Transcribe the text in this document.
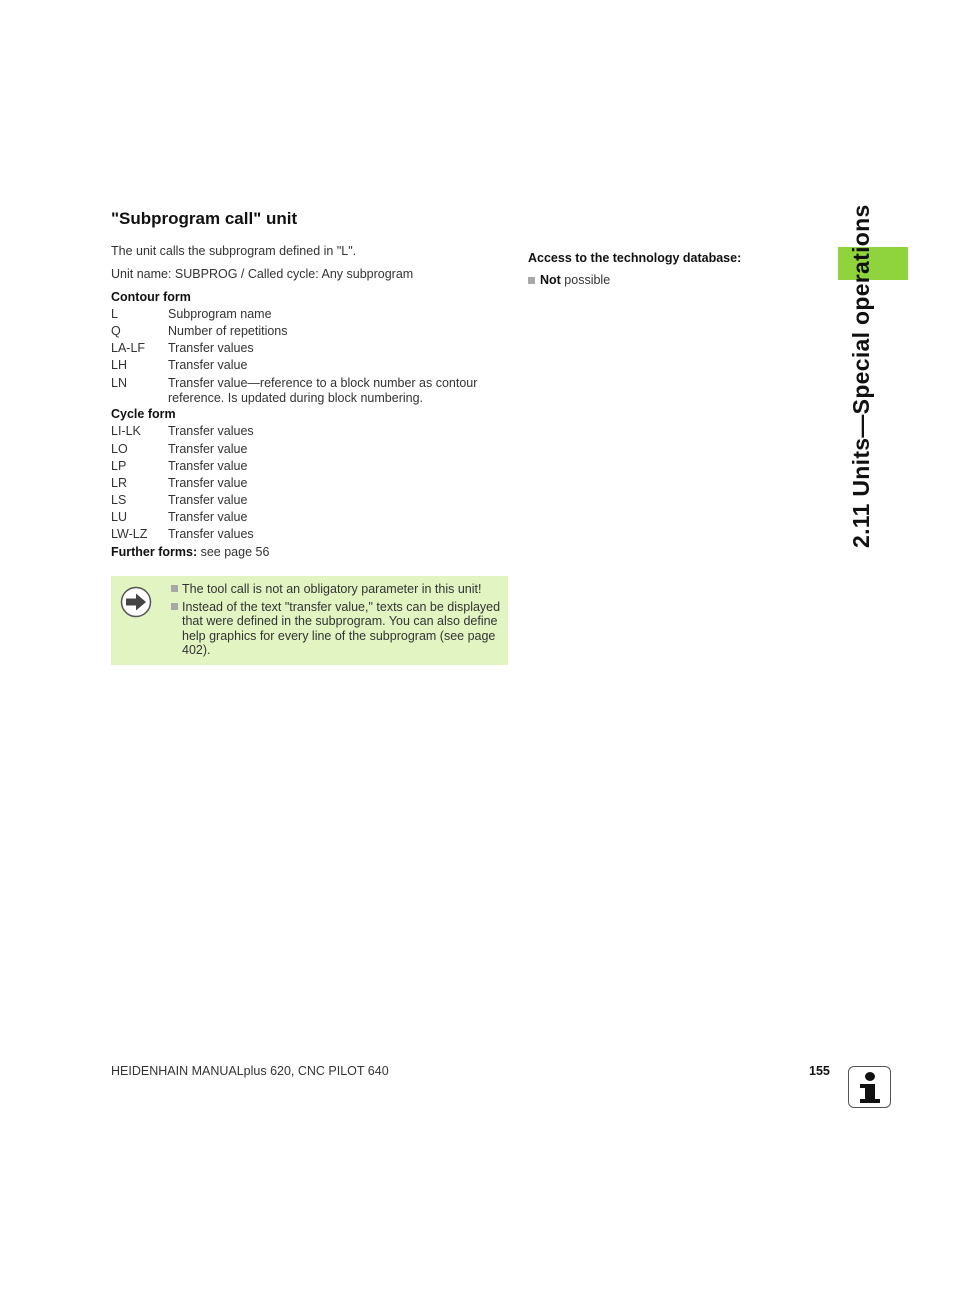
"Subprogram call" unit
The unit calls the subprogram defined in "L".
Unit name: SUBPROG / Called cycle: Any subprogram
Contour form
L	Subprogram name
Q	Number of repetitions
LA-LF	Transfer values
LH	Transfer value
LN	Transfer value—reference to a block number as contour reference. Is updated during block numbering.
Cycle form
LI-LK	Transfer values
LO	Transfer value
LP	Transfer value
LR	Transfer value
LS	Transfer value
LU	Transfer value
LW-LZ	Transfer values
Further forms: see page 56
The tool call is not an obligatory parameter in this unit!
Instead of the text "transfer value," texts can be displayed that were defined in the subprogram. You can also define help graphics for every line of the subprogram (see page 402).
Access to the technology database:
Not possible	2.11 Units—Special operations
HEIDENHAIN MANUALplus 620, CNC PILOT 640	155
